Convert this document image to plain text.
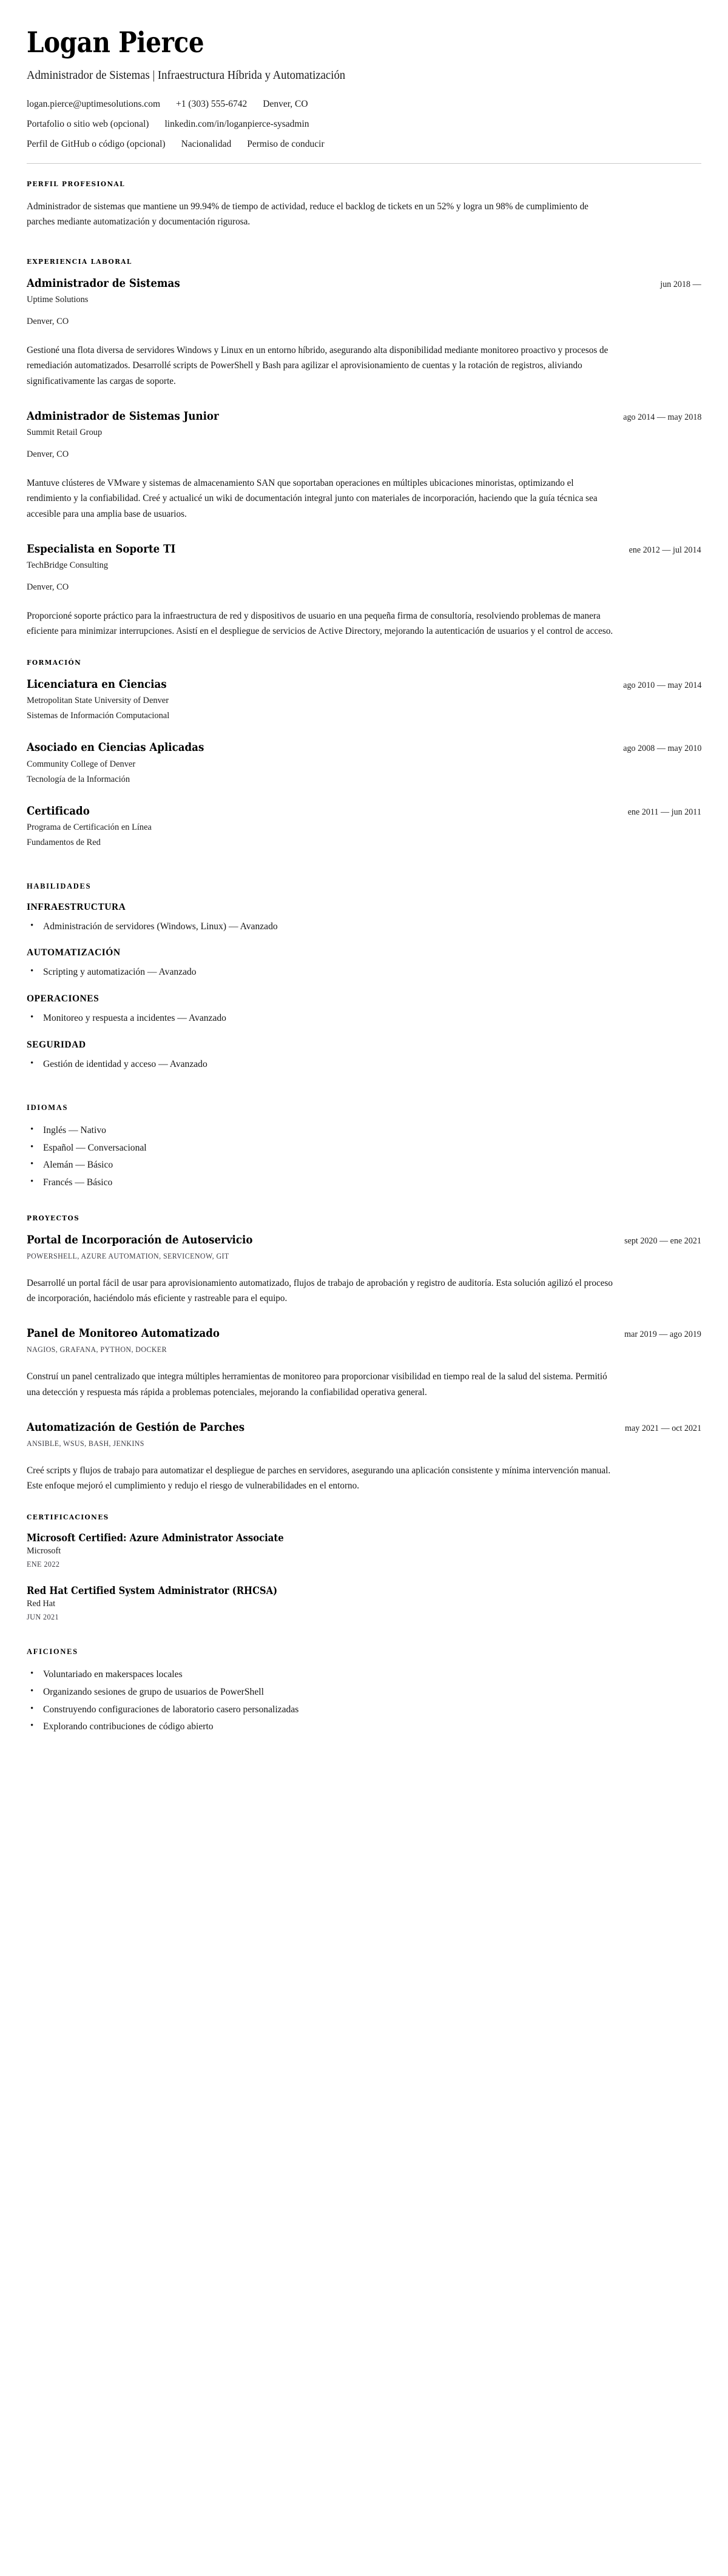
Logan Pierce
Administrador de Sistemas | Infraestructura Híbrida y Automatización
logan.pierce@uptimesolutions.com +1 (303) 555-6742 Denver, CO
Portafolio o sitio web (opcional) linkedin.com/in/loganpierce-sysadmin
Perfil de GitHub o código (opcional) Nacionalidad Permiso de conducir
PERFIL PROFESIONAL

Administrador de sistemas que mantiene un 99.94% de tiempo de actividad, reduce el backlog de tickets en un 52% y logra un 98% de cumplimiento de parches mediante automatización y documentación rigurosa.

EXPERIENCIA LABORAL
Administrador de Sistemas	jun 2018 —
Uptime Solutions
Denver, CO

Gestioné una flota diversa de servidores Windows y Linux en un entorno híbrido, asegurando alta disponibilidad mediante monitoreo proactivo y procesos de remediación automatizados. Desarrollé scripts de PowerShell y Bash para agilizar el aprovisionamiento de cuentas y la rotación de registros, aliviando significativamente las cargas de soporte.

Administrador de Sistemas Junior	ago 2014 — may 2018
Summit Retail Group
Denver, CO

Mantuve clústeres de VMware y sistemas de almacenamiento SAN que soportaban operaciones en múltiples ubicaciones minoristas, optimizando el rendimiento y la confiabilidad. Creé y actualicé un wiki de documentación integral junto con materiales de incorporación, haciendo que la guía técnica sea accesible para una amplia base de usuarios.

Especialista en Soporte TI	ene 2012 — jul 2014
TechBridge Consulting
Denver, CO

Proporcioné soporte práctico para la infraestructura de red y dispositivos de usuario en una pequeña firma de consultoría, resolviendo problemas de manera eficiente para minimizar interrupciones. Asistí en el despliegue de servicios de Active Directory, mejorando la autenticación de usuarios y el control de acceso.

FORMACIÓN
Licenciatura en Ciencias	ago 2010 — may 2014
Metropolitan State University of Denver
Sistemas de Información Computacional
Asociado en Ciencias Aplicadas	ago 2008 — may 2010
Community College of Denver
Tecnología de la Información
Certificado	ene 2011 — jun 2011
Programa de Certificación en Línea
Fundamentos de Red
HABILIDADES
INFRAESTRUCTURA
• Administración de servidores (Windows, Linux) — Avanzado
AUTOMATIZACIÓN
• Scripting y automatización — Avanzado
OPERACIONES
• Monitoreo y respuesta a incidentes — Avanzado
SEGURIDAD
• Gestión de identidad y acceso — Avanzado
IDIOMAS
• Inglés — Nativo
• Español — Conversacional
• Alemán — Básico
• Francés — Básico
PROYECTOS
Portal de Incorporación de Autoservicio	sept 2020 — ene 2021
POWERSHELL, AZURE AUTOMATION, SERVICENOW, GIT

Desarrollé un portal fácil de usar para aprovisionamiento automatizado, flujos de trabajo de aprobación y registro de auditoría. Esta solución agilizó el proceso de incorporación, haciéndolo más eficiente y rastreable para el equipo.

Panel de Monitoreo Automatizado	mar 2019 — ago 2019
NAGIOS, GRAFANA, PYTHON, DOCKER

Construí un panel centralizado que integra múltiples herramientas de monitoreo para proporcionar visibilidad en tiempo real de la salud del sistema. Permitió una detección y respuesta más rápida a problemas potenciales, mejorando la confiabilidad operativa general.

Automatización de Gestión de Parches	may 2021 — oct 2021
ANSIBLE, WSUS, BASH, JENKINS

Creé scripts y flujos de trabajo para automatizar el despliegue de parches en servidores, asegurando una aplicación consistente y mínima intervención manual. Este enfoque mejoró el cumplimiento y redujo el riesgo de vulnerabilidades en el entorno.

CERTIFICACIONES
Microsoft Certified: Azure Administrator Associate
Microsoft
ENE 2022
Red Hat Certified System Administrator (RHCSA)
Red Hat
JUN 2021
AFICIONES
• Voluntariado en makerspaces locales
• Organizando sesiones de grupo de usuarios de PowerShell
• Construyendo configuraciones de laboratorio casero personalizadas
• Explorando contribuciones de código abierto
